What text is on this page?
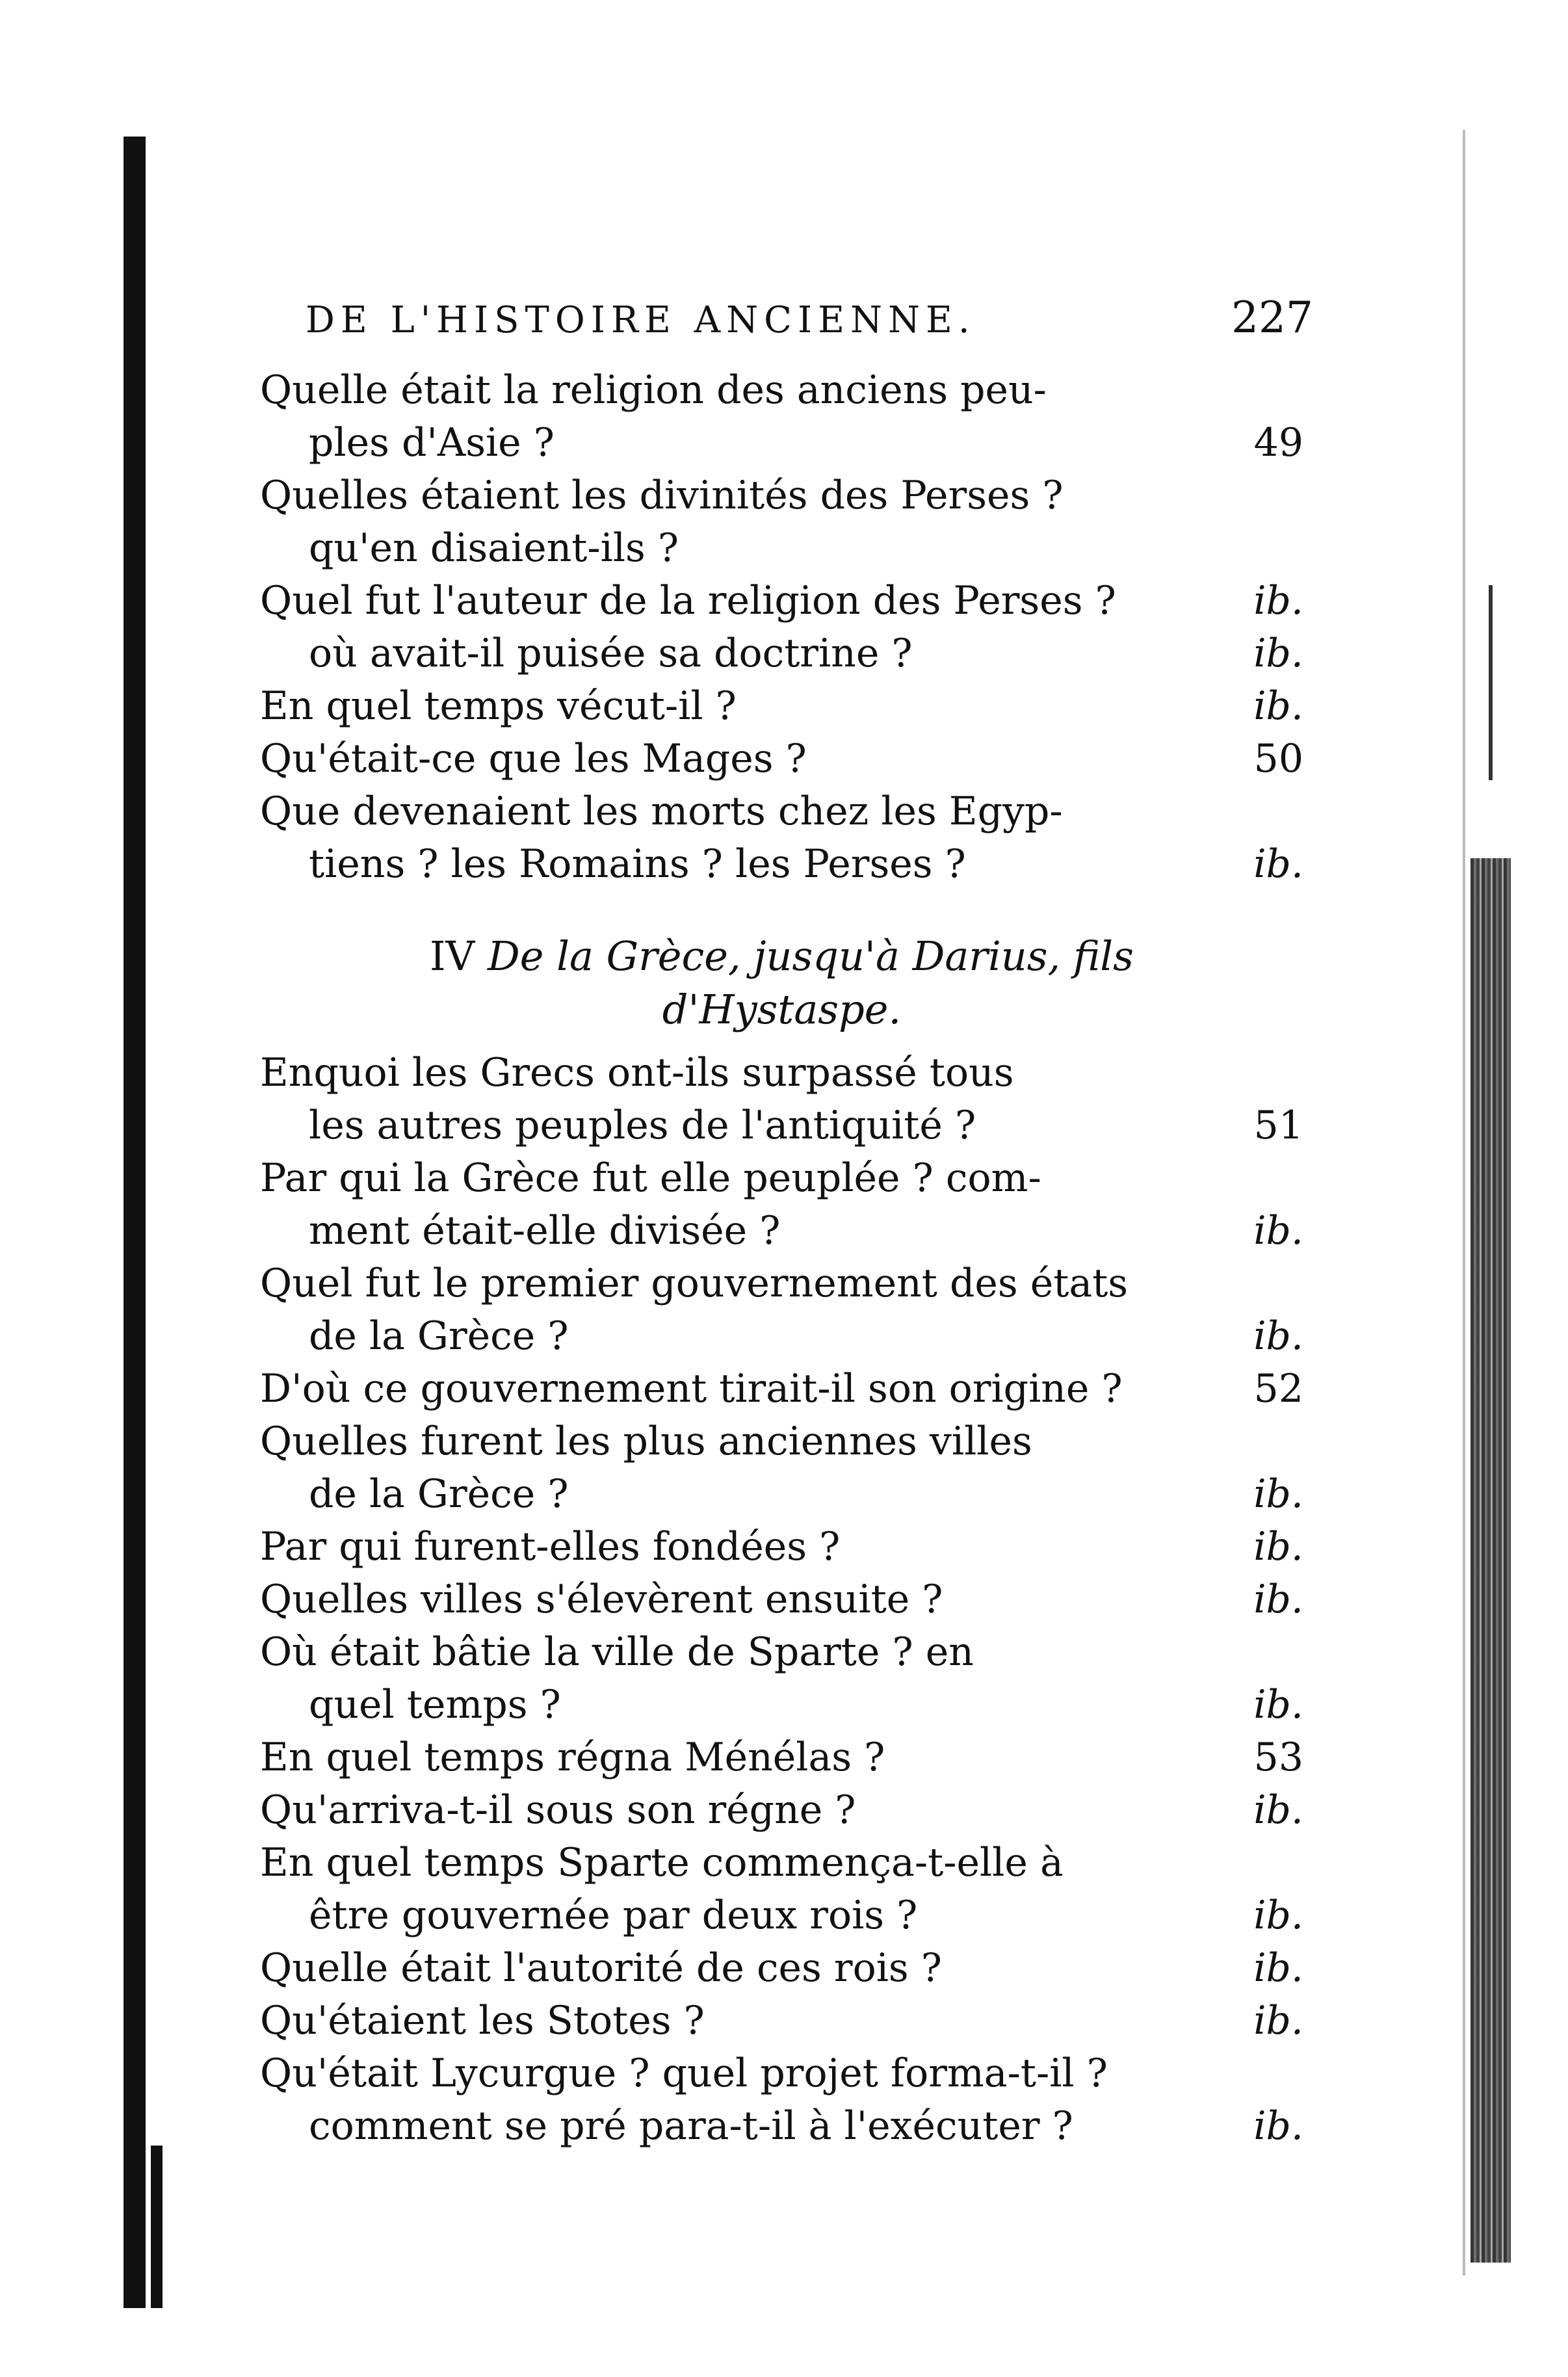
DE L'HISTOIRE ANCIENNE.	227
Quelle était la religion des anciens peu-
ples d'Asie ?	49
Quelles étaient les divinités des Perses ?
qu'en disaient-ils ?
Quel fut l'auteur de la religion des Perses ?	ib.
où avait-il puisée sa doctrine ?	ib.
En quel temps vécut-il ?	ib.
Qu'était-ce que les Mages ?	50
Que devenaient les morts chez les Egyp-
tiens ? les Romains ? les Perses ?	ib.
IV De la Grèce, jusqu'à Darius, fils
d'Hystaspe.
Enquoi les Grecs ont-ils surpassé tous
les autres peuples de l'antiquité ?	51
Par qui la Grèce fut elle peuplée ? com-
ment était-elle divisée ?	ib.
Quel fut le premier gouvernement des états
de la Grèce ?	ib.
D'où ce gouvernement tirait-il son origine ?	52
Quelles furent les plus anciennes villes
de la Grèce ?	ib.
Par qui furent-elles fondées ?	ib.
Quelles villes s'élevèrent ensuite ?	ib.
Où était bâtie la ville de Sparte ? en
quel temps ?	ib.
En quel temps régna Ménélas ?	53
Qu'arriva-t-il sous son régne ?	ib.
En quel temps Sparte commença-t-elle à
être gouvernée par deux rois ?	ib.
Quelle était l'autorité de ces rois ?	ib.
Qu'étaient les Stotes ?	ib.
Qu'était Lycurgue ? quel projet forma-t-il ?
comment se pré para-t-il à l'exécuter ?	ib.
